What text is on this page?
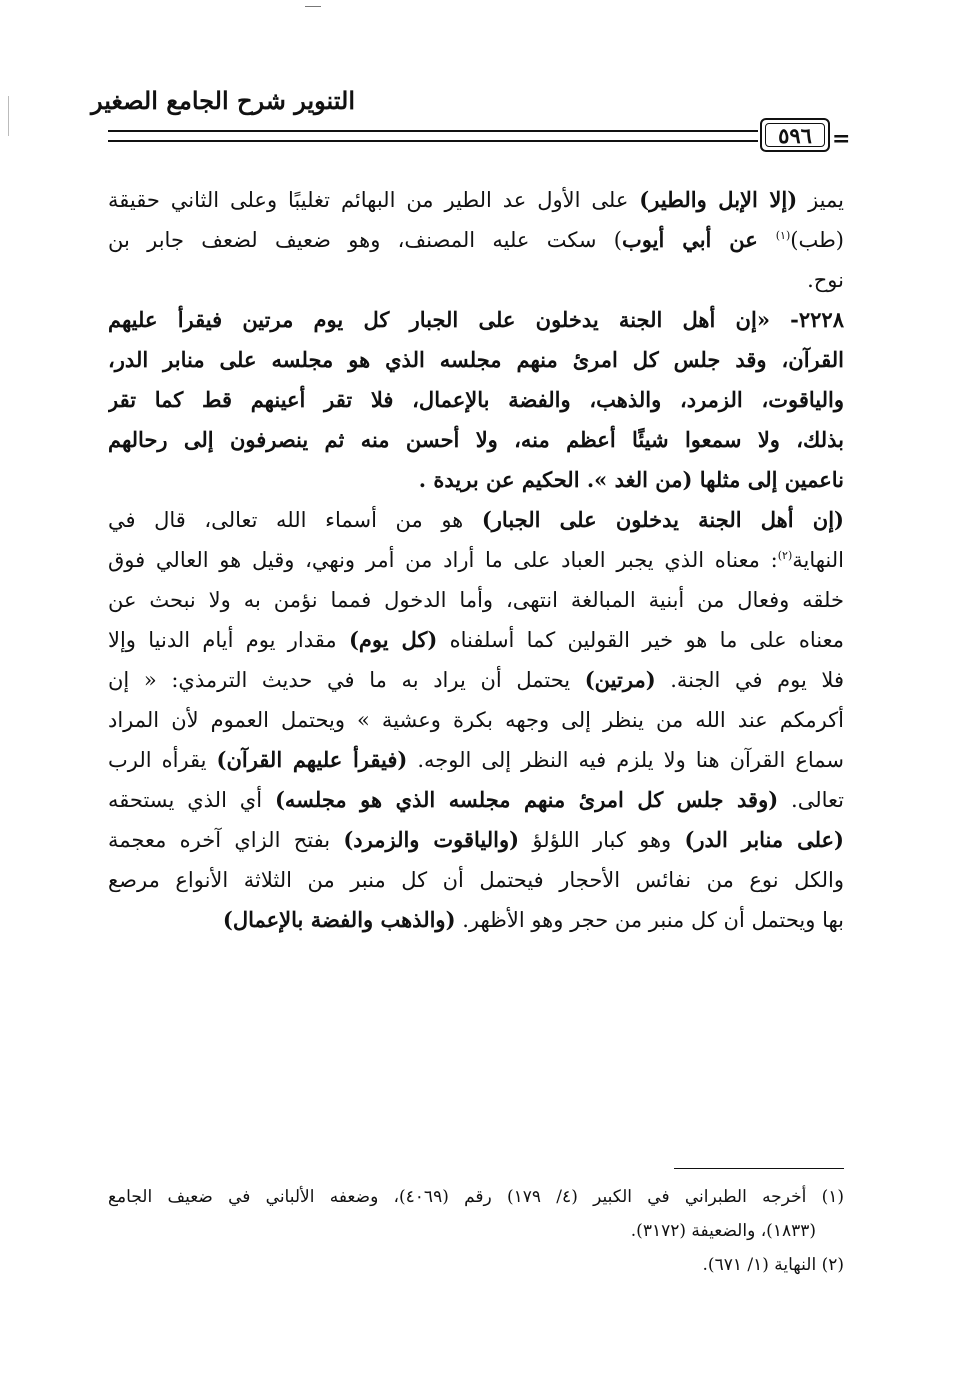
التنوير شرح الجامع الصغير
٥٩٦ =
يميز (إلا الإبل والطير) على الأول عد الطير من البهائم تغليبًا وعلى الثاني حقيقة
(طب)$^{(١)}$ عن أبي أيوب) سكت عليه المصنف، وهو ضعيف لضعف جابر بن
نوح.
٢٢٢٨- «إن أهل الجنة يدخلون على الجبار كل يوم مرتين فيقرأ عليهم
القرآن، وقد جلس كل امرئ منهم مجلسه الذي هو مجلسه على منابر الدر،
والياقوت، الزمرد، والذهب، والفضة بالإعمال، فلا تقر أعينهم قط كما تقر
بذلك، ولا سمعوا شيئًا أعظم منه، ولا أحسن منه ثم ينصرفون إلى رحالهم
ناعمين إلى مثلها (من الغد ». الحكيم عن بريدة .
(إن أهل الجنة يدخلون على الجبار) هو من أسماء الله تعالى، قال في
النهاية$^{(٢)}$: معناه الذي يجبر العباد على ما أراد من أمر ونهي، وقيل هو العالي فوق
خلقه وفعال من أبنية المبالغة انتهى، وأما الدخول فمما نؤمن به ولا نبحث عن
معناه على ما هو خير القولين كما أسلفناه (كل يوم) مقدار يوم أيام الدنيا وإلا
فلا يوم في الجنة. (مرتين) يحتمل أن يراد به ما في حديث الترمذي: « إن
أكرمكم عند الله من ينظر إلى وجهه بكرة وعشية » ويحتمل العموم لأن المراد
سماع القرآن هنا ولا يلزم فيه النظر إلى الوجه. (فيقرأ عليهم القرآن) يقرأه الرب
تعالى. (وقد جلس كل امرئ منهم مجلسه الذي هو مجلسه) أي الذي يستحقه
(على منابر الدر) وهو كبار اللؤلؤ (والياقوت والزمرد) بفتح الزاي آخره معجمة
والكل نوع من نفائس الأحجار فيحتمل أن كل منبر من الثلاثة الأنواع مرصع
بها ويحتمل أن كل منبر من حجر وهو الأظهر. (والذهب والفضة بالإعمال)
(١) أخرجه الطبراني في الكبير (٤/ ١٧٩) رقم (٤٠٦٩)، وضعفه الألباني في ضعيف الجامع
(١٨٣٣)، والضعيفة (٣١٧٢).
(٢) النهاية (١/ ٦٧١).
